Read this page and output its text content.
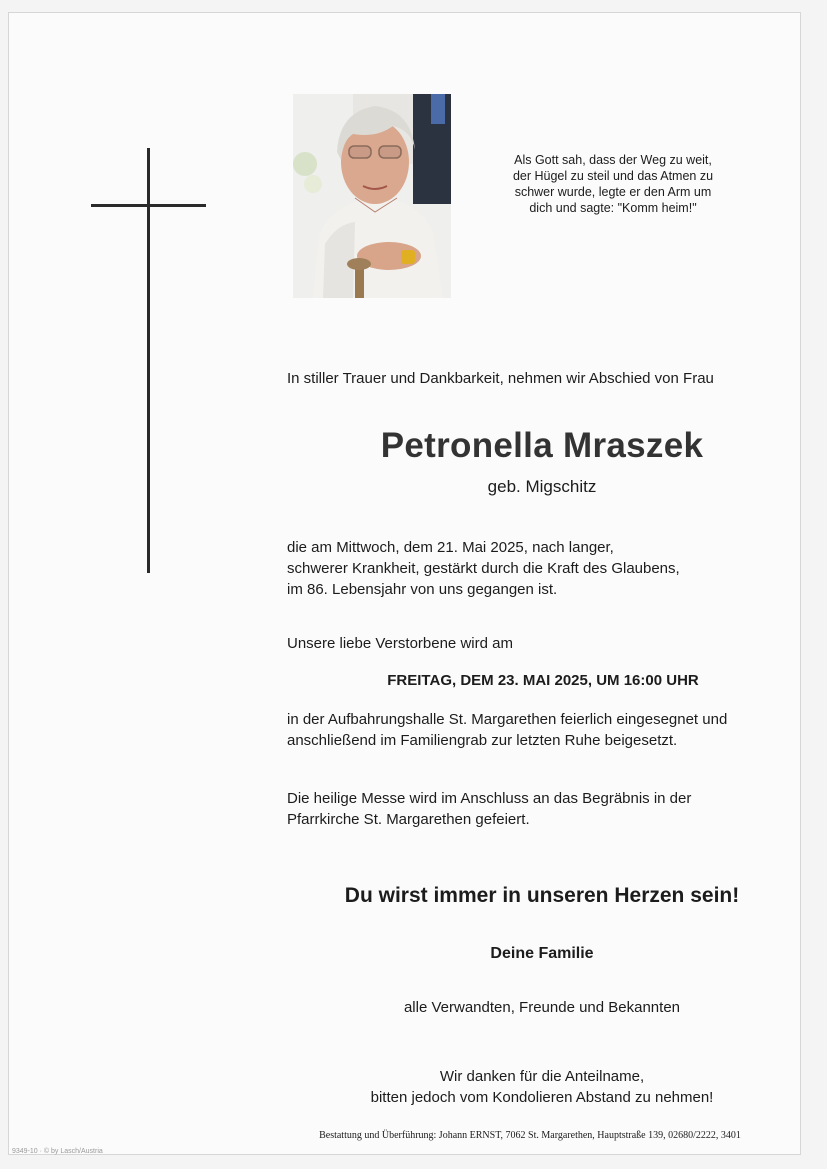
Als Gott sah, dass der Weg zu weit,
der Hügel zu steil und das Atmen zu
schwer wurde, legte er den Arm um
dich und sagte: "Komm heim!"
In stiller Trauer und Dankbarkeit, nehmen wir Abschied von Frau
Petronella Mraszek
geb. Migschitz
die am Mittwoch, dem 21. Mai 2025, nach langer,
schwerer Krankheit, gestärkt durch die Kraft des Glaubens,
im 86. Lebensjahr von uns gegangen ist.
Unsere liebe Verstorbene wird am
FREITAG, DEM 23. MAI 2025, UM 16:00 UHR
in der Aufbahrungshalle St. Margarethen feierlich eingesegnet und
anschließend im Familiengrab zur letzten Ruhe beigesetzt.
Die heilige Messe wird im Anschluss an das Begräbnis in der
Pfarrkirche St. Margarethen gefeiert.
Du wirst immer in unseren Herzen sein!
Deine Familie
alle Verwandten, Freunde und Bekannten
Wir danken für die Anteilname,
bitten jedoch vom Kondolieren Abstand zu nehmen!
Bestattung und Überführung: Johann ERNST, 7062 St. Margarethen, Hauptstraße 139, 02680/2222, 3401
9349-10 · © by Lasch/Austria
